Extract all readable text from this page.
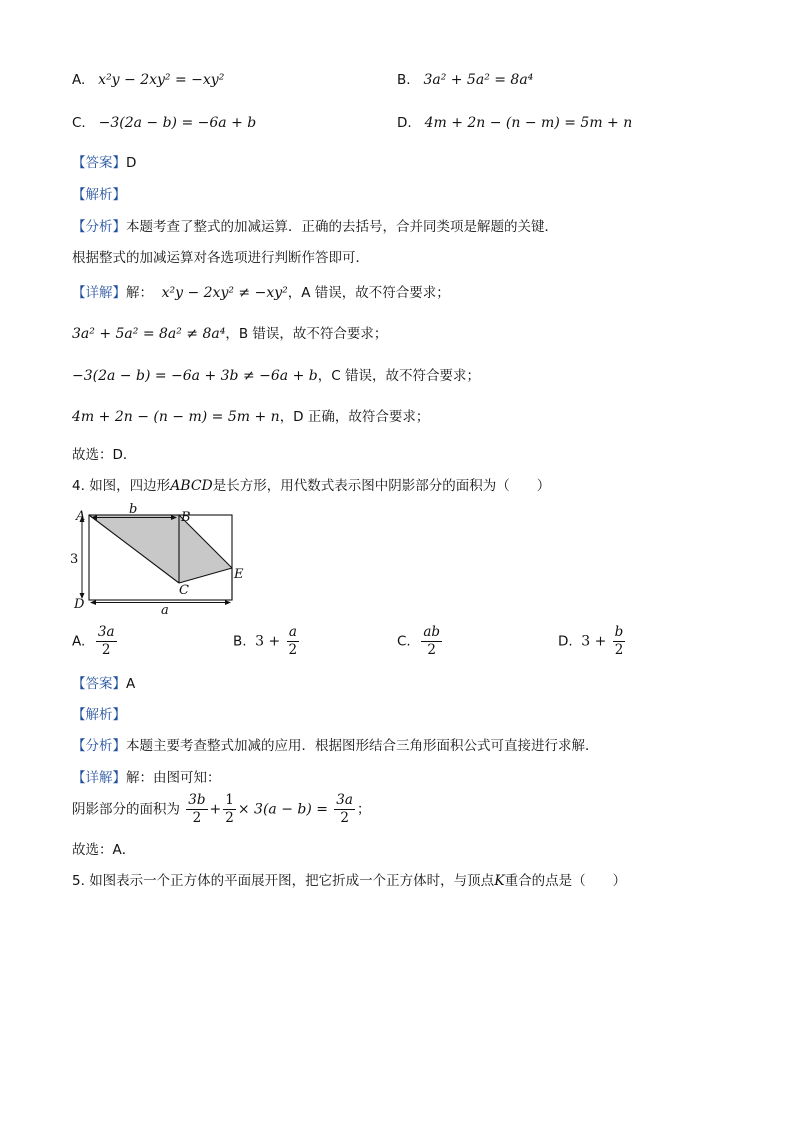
A. x²y − 2xy² = −xy²	B. 3a² + 5a² = 8a⁴
C. −3(2a − b) = −6a + b	D. 4m + 2n − (n − m) = 5m + n
【答案】D
【解析】
【分析】本题考查了整式的加减运算．正确的去括号，合并同类项是解题的关键．
根据整式的加减运算对各选项进行判断作答即可．
【详解】解： x²y − 2xy² ≠ −xy²，A 错误，故不符合要求；
3a² + 5a² = 8a² ≠ 8a⁴，B 错误，故不符合要求；
−3(2a − b) = −6a + 3b ≠ −6a + b，C 错误，故不符合要求；
4m + 2n − (n − m) = 5m + n，D 正确，故符合要求；
故选：D．
4. 如图，四边形ABCD是长方形，用代数式表示图中阴影部分的面积为（　　）
A	B
C
D
E
b
a
3
A. $\frac{3a}{2}$	B. $3 + \frac{a}{2}$	C. $\frac{ab}{2}$	D. $3 + \frac{b}{2}$
【答案】A
【解析】
【分析】本题主要考查整式加减的应用．根据图形结合三角形面积公式可直接进行求解．
【详解】解：由图可知：
阴影部分的面积为 $\frac{3b}{2} + \frac{1}{2} \times 3(a - b) = \frac{3a}{2}$ ；
故选：A．
5. 如图表示一个正方体的平面展开图，把它折成一个正方体时，与顶点K重合的点是（　　）
